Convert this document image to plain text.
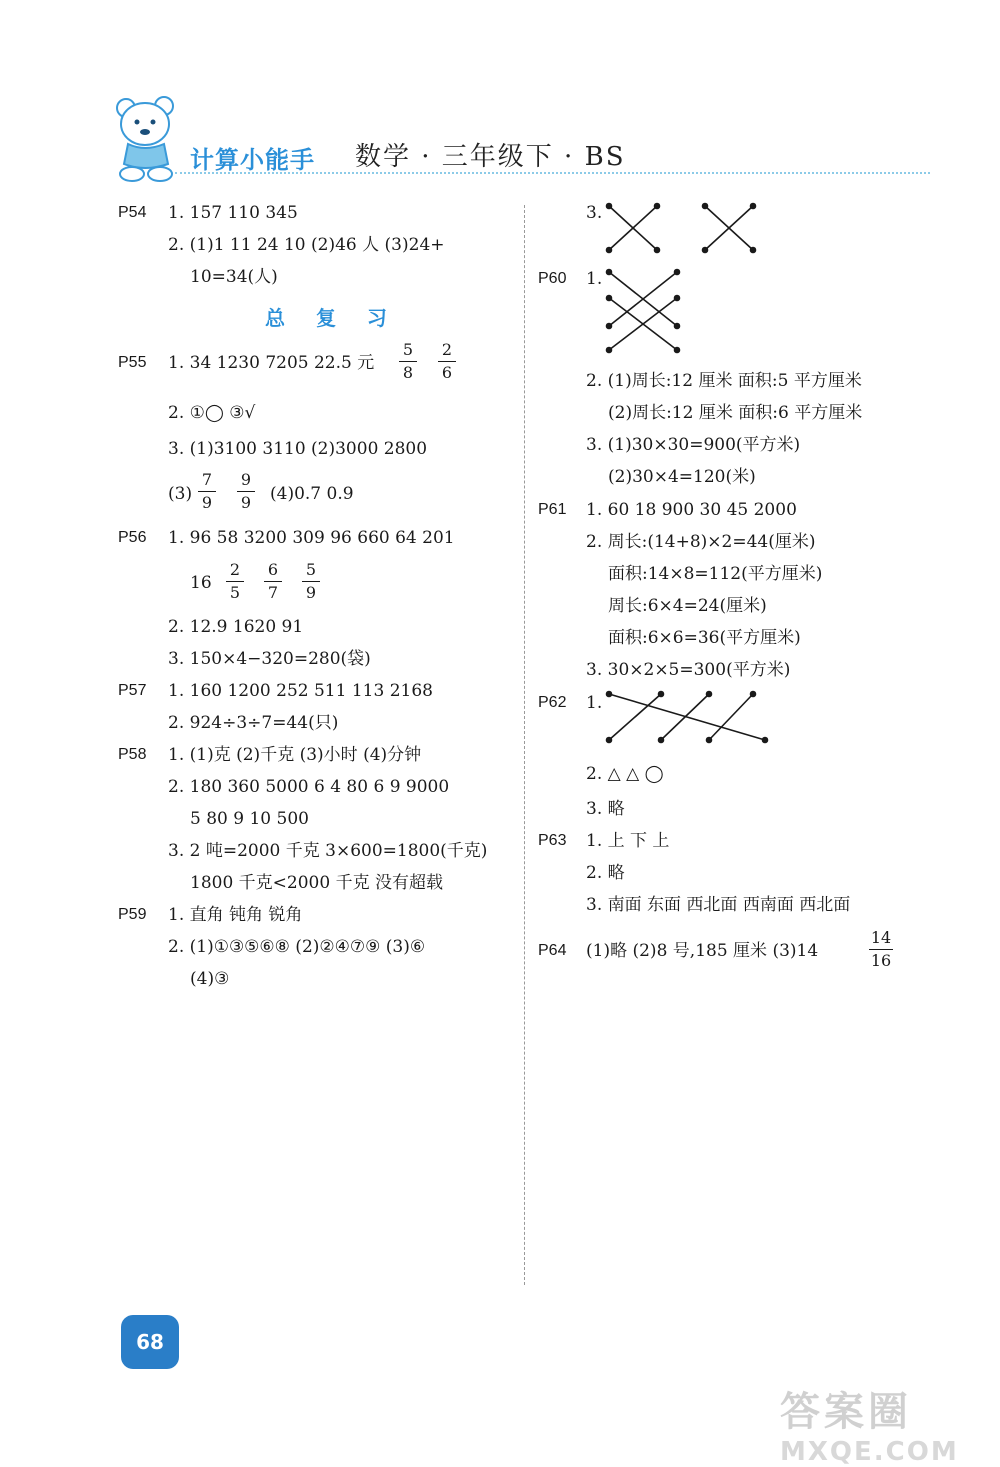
计算小能手 数学 · 三年级下 · BS
P54 1. 157 110 345
2. (1)1 11 24 10 (2)46 人 (3)24+
10=34(人)
总 复 习
P55 1. 34 1230 7205 22.5 元
5
8
2
6
2. ①◯ ③√
3. (1)3100 3110 (2)3000 2800
(3)
7
9
9
9 (4)0.7 0.9
P56 1. 96 58 3200 309 96 660 64 201
16
2
5
6
7
5
9
2. 12.9 1620 91
3. 150×4−320=280(袋)
P57 1. 160 1200 252 511 113 2168
2. 924÷3÷7=44(只)
P58 1. (1)克 (2)千克 (3)小时 (4)分钟
2. 180 360 5000 6 4 80 6 9 9000
5 80 9 10 500
3. 2 吨=2000 千克 3×600=1800(千克)
1800 千克<2000 千克 没有超载
P59 1. 直角 钝角 锐角
2. (1)①③⑤⑥⑧ (2)②④⑦⑨ (3)⑥
(4)③
3.
P60 1.
2. (1)周长:12 厘米 面积:5 平方厘米
(2)周长:12 厘米 面积:6 平方厘米
3. (1)30×30=900(平方米)
(2)30×4=120(米)
P61 1. 60 18 900 30 45 2000
2. 周长:(14+8)×2=44(厘米)
面积:14×8=112(平方厘米)
周长:6×4=24(厘米)
面积:6×6=36(平方厘米)
3. 30×2×5=300(平方米)
P62 1.
2. △ △ ◯
3. 略
P63 1. 上 下 上
2. 略
3. 南面 东面 西北面 西南面 西北面
P64 (1)略 (2)8 号,185 厘米 (3)14
14
16
68
答案圈
MXQE.COM
